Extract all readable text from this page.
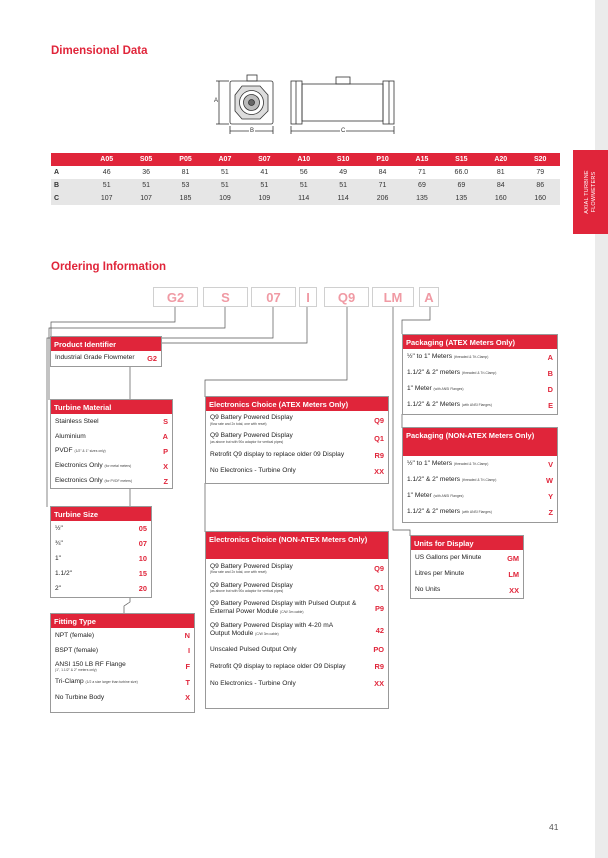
Dimensional Data
A
B	C
	A05	S05	P05	A07	S07	A10	S10	P10	A15	S15	A20	S20
A	46	36	81	51	41	56	49	84	71	66.0	81	79
B	51	51	53	51	51	51	51	71	69	69	84	86
C	107	107	185	109	109	114	114	206	135	135	160	160
Ordering Information
G2	S	07	I	Q9	LM	A
Product Identifier
Industrial Grade Flowmeter G2
Turbine Material
Stainless Steel	S
Aluminium	A
PVDF (1/2" & 1" sizes only)	P
Electronics Only (for metal meters)	X
Electronics Only (for PVDF meters)	Z
Turbine Size
½"	05
¾"	07
1"	10
1.1/2"	15
2"	20
Fitting Type
NPT (female)	N
BSPT (female)	I
ANSI 150 LB RF Flange
(1", 1.1/2" & 2" meters only)	F
Tri-Clamp (1/2 a size larger than turbine size)	T
No Turbine Body	X
Electronics Choice (ATEX Meters Only)
Q9 Battery Powered Display
(flow rate and 2x total, one with reset)	Q9
Q9 Battery Powered Display
(as above but with 90o adaptor for vertical pipes)	Q1
Retrofit Q9 display to replace older 09 Display	R9
No Electronics - Turbine Only	XX
Electronics Choice (NON-ATEX Meters Only)
Q9 Battery Powered Display
(flow rate and 2x total, one with reset)	Q9
Q9 Battery Powered Display
(as above but with 90o adaptor for vertical pipes)	Q1
Q9 Battery Powered Display with Pulsed Output & External Power Module (C/W 3m cable)	P9
Q9 Battery Powered Display with 4-20 mA Output Module (C/W 3m cable)	42
Unscaled Pulsed Output Only	PO
Retrofit Q9 display to replace older O9 Display	R9
No Electronics - Turbine Only	XX
Packaging (ATEX Meters Only)
½" to 1" Meters (threaded & Tri-Clamp)	A
1.1/2" & 2" meters (threaded & Tri-Clamp)	B
1" Meter (with ANSI Flanges)	D
1.1/2" & 2" Meters (with ANSI Flanges)	E
Packaging (NON-ATEX Meters Only)
½" to 1" Meters (threaded & Tri-Clamp)	V
1.1/2" & 2" meters (threaded & Tri-Clamp)	W
1" Meter (with ANSI Flanges)	Y
1.1/2" & 2" meters (with ANSI Flanges)	Z
Units for Display
US Gallons per Minute	GM
Litres per Minute	LM
No Units	XX
41
AXIAL TURBINE FLOWMETERS
